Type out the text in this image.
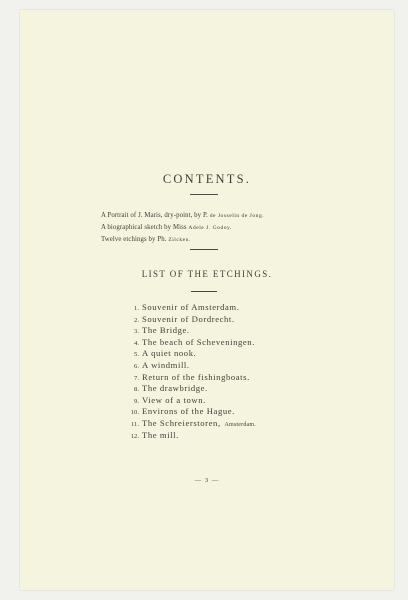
CONTENTS.
A Portrait of J. Maris, dry-point, by P. de Josselin de Jong.
A biographical sketch by Miss Adele J. Godoy.
Twelve etchings by Ph. Zilcken.
LIST OF THE ETCHINGS.
1. Souvenir of Amsterdam.
2. Souvenir of Dordrecht.
3. The Bridge.
4. The beach of Scheveningen.
5. A quiet nook.
6. A windmill.
7. Return of the fishingboats.
8. The drawbridge.
9. View of a town.
10. Environs of the Hague.
11. The Schreierstoren, Amsterdam.
12. The mill.
— 3 —
